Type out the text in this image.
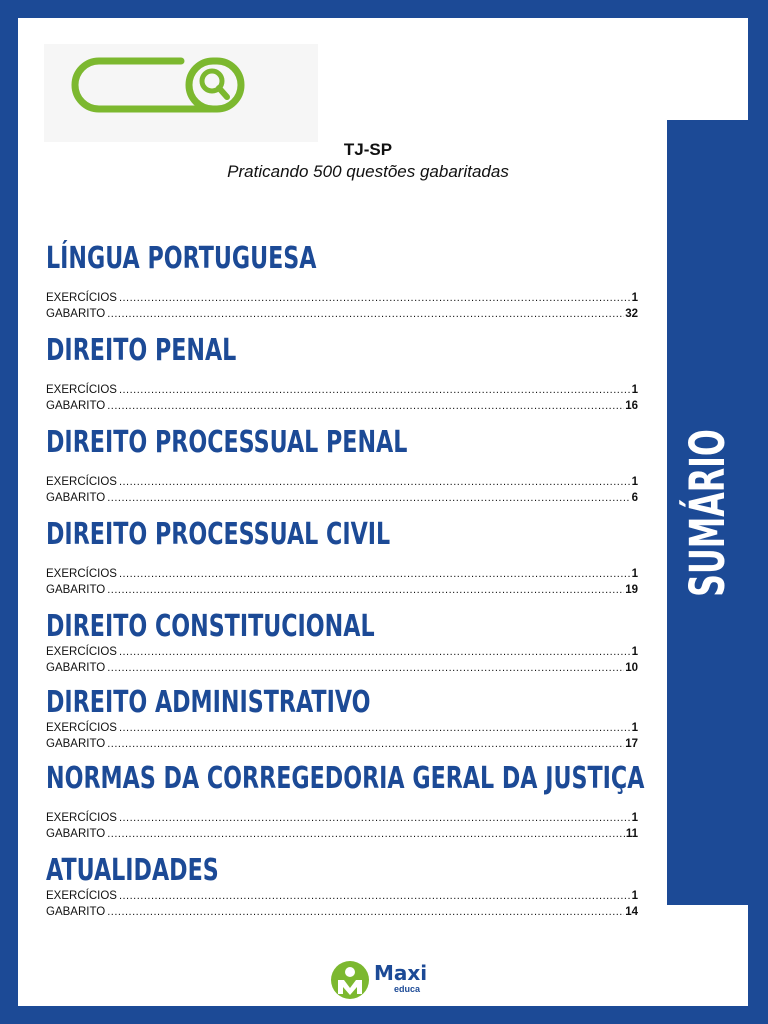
TJ-SP
Praticando 500 questões gabaritadas
LÍNGUA PORTUGUESA
EXERCÍCIOS .....	1
GABARITO .....	32
DIREITO PENAL
EXERCÍCIOS .....	1
GABARITO .....	16
DIREITO PROCESSUAL PENAL
EXERCÍCIOS .....	1
GABARITO .....	6
DIREITO PROCESSUAL CIVIL
EXERCÍCIOS .....	1
GABARITO .....	19
DIREITO CONSTITUCIONAL
EXERCÍCIOS .....	1
GABARITO .....	10
DIREITO ADMINISTRATIVO
EXERCÍCIOS .....	1
GABARITO .....	17
NORMAS DA CORREGEDORIA GERAL DA JUSTIÇA
EXERCÍCIOS .....	1
GABARITO .....	11
ATUALIDADES
EXERCÍCIOS .....	1
GABARITO .....	14
SUMÁRIO
Maxi
educa
